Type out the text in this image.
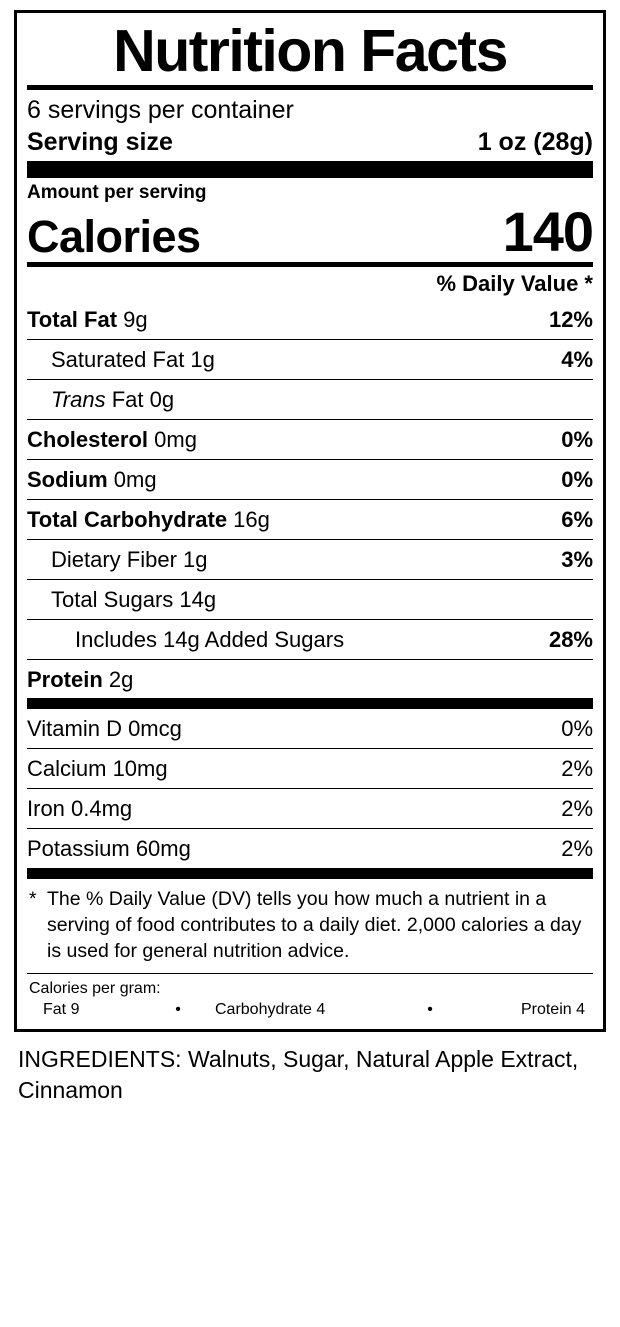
Nutrition Facts
6 servings per container
Serving size	1 oz (28g)
Amount per serving
Calories	140
% Daily Value *
Total Fat 9g	12%
Saturated Fat 1g	4%
Trans Fat 0g
Cholesterol 0mg	0%
Sodium 0mg	0%
Total Carbohydrate 16g	6%
Dietary Fiber 1g	3%
Total Sugars 14g
Includes 14g Added Sugars	28%
Protein 2g
Vitamin D 0mcg	0%
Calcium 10mg	2%
Iron 0.4mg	2%
Potassium 60mg	2%
* The % Daily Value (DV) tells you how much a nutrient in a serving of food contributes to a daily diet. 2,000 calories a day is used for general nutrition advice.
Calories per gram:
Fat 9	•	Carbohydrate 4	•	Protein 4
INGREDIENTS: Walnuts, Sugar, Natural Apple Extract, Cinnamon
